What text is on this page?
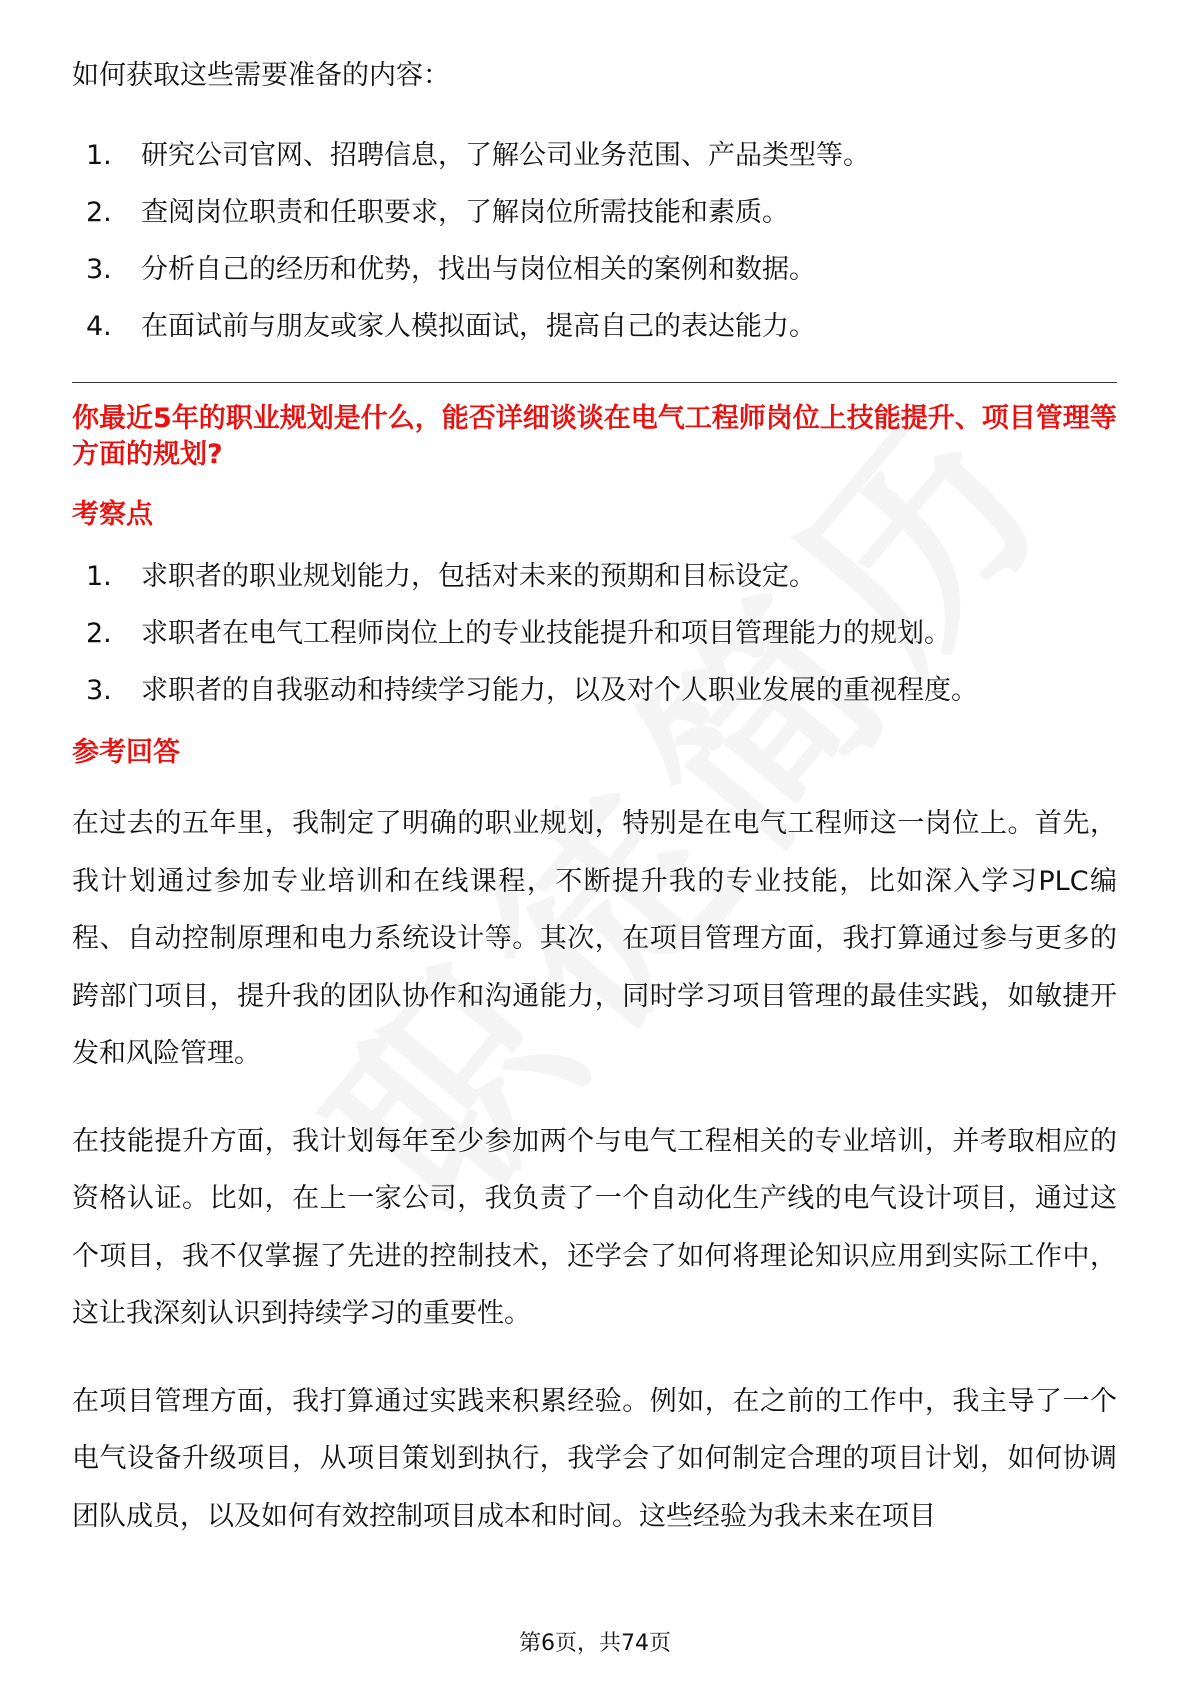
如何获取这些需要准备的内容：

1.	研究公司官网、招聘信息，了解公司业务范围、产品类型等。
2.	查阅岗位职责和任职要求，了解岗位所需技能和素质。
3.	分析自己的经历和优势，找出与岗位相关的案例和数据。
4.	在面试前与朋友或家人模拟面试，提高自己的表达能力。
你最近5年的职业规划是什么，能否详细谈谈在电气工程师岗位上技能提升、项目管理等方面的规划?
考察点
1.	求职者的职业规划能力，包括对未来的预期和目标设定。
2.	求职者在电气工程师岗位上的专业技能提升和项目管理能力的规划。
3.	求职者的自我驱动和持续学习能力，以及对个人职业发展的重视程度。
参考回答

在过去的五年里，我制定了明确的职业规划，特别是在电气工程师这一岗位上。首先，我计划通过参加专业培训和在线课程，不断提升我的专业技能，比如深入学习PLC编程、自动控制原理和电力系统设计等。其次，在项目管理方面，我打算通过参与更多的跨部门项目，提升我的团队协作和沟通能力，同时学习项目管理的最佳实践，如敏捷开发和风险管理。

在技能提升方面，我计划每年至少参加两个与电气工程相关的专业培训，并考取相应的资格认证。比如，在上一家公司，我负责了一个自动化生产线的电气设计项目，通过这个项目，我不仅掌握了先进的控制技术，还学会了如何将理论知识应用到实际工作中，这让我深刻认识到持续学习的重要性。

在项目管理方面，我打算通过实践来积累经验。例如，在之前的工作中，我主导了一个电气设备升级项目，从项目策划到执行，我学会了如何制定合理的项目计划，如何协调团队成员，以及如何有效控制项目成本和时间。这些经验为我未来在项目

第6页，共74页
